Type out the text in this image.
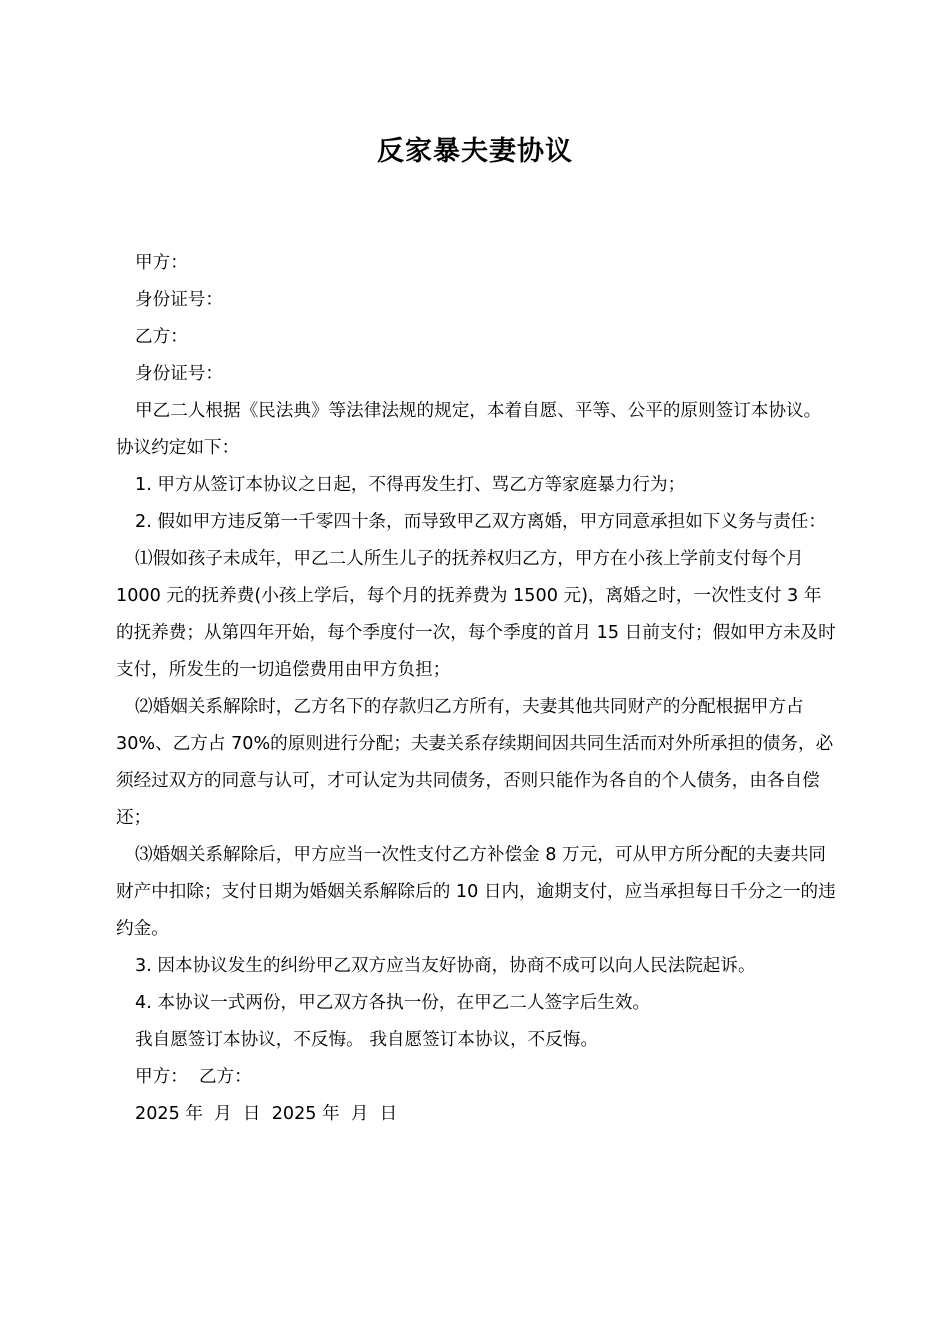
反家暴夫妻协议

甲方：

身份证号：

乙方：

身份证号：

甲乙二人根据《民法典》等法律法规的规定，本着自愿、平等、公平的原则签订本协议。协议约定如下：

1. 甲方从签订本协议之日起，不得再发生打、骂乙方等家庭暴力行为；

2. 假如甲方违反第一千零四十条，而导致甲乙双方离婚，甲方同意承担如下义务与责任：

⑴假如孩子未成年，甲乙二人所生儿子的抚养权归乙方，甲方在小孩上学前支付每个月 1000 元的抚养费(小孩上学后，每个月的抚养费为 1500 元)，离婚之时，一次性支付 3 年的抚养费；从第四年开始，每个季度付一次，每个季度的首月 15 日前支付；假如甲方未及时支付，所发生的一切追偿费用由甲方负担；

⑵婚姻关系解除时，乙方名下的存款归乙方所有，夫妻其他共同财产的分配根据甲方占 30%、乙方占 70%的原则进行分配；夫妻关系存续期间因共同生活而对外所承担的债务，必须经过双方的同意与认可，才可认定为共同债务，否则只能作为各自的个人债务，由各自偿还；

⑶婚姻关系解除后，甲方应当一次性支付乙方补偿金 8 万元，可从甲方所分配的夫妻共同财产中扣除；支付日期为婚姻关系解除后的 10 日内，逾期支付，应当承担每日千分之一的违约金。

3. 因本协议发生的纠纷甲乙双方应当友好协商，协商不成可以向人民法院起诉。

4. 本协议一式两份，甲乙双方各执一份，在甲乙二人签字后生效。

我自愿签订本协议，不反悔。 我自愿签订本协议，不反悔。

甲方：  乙方：

2025 年  月  日  2025 年  月  日
